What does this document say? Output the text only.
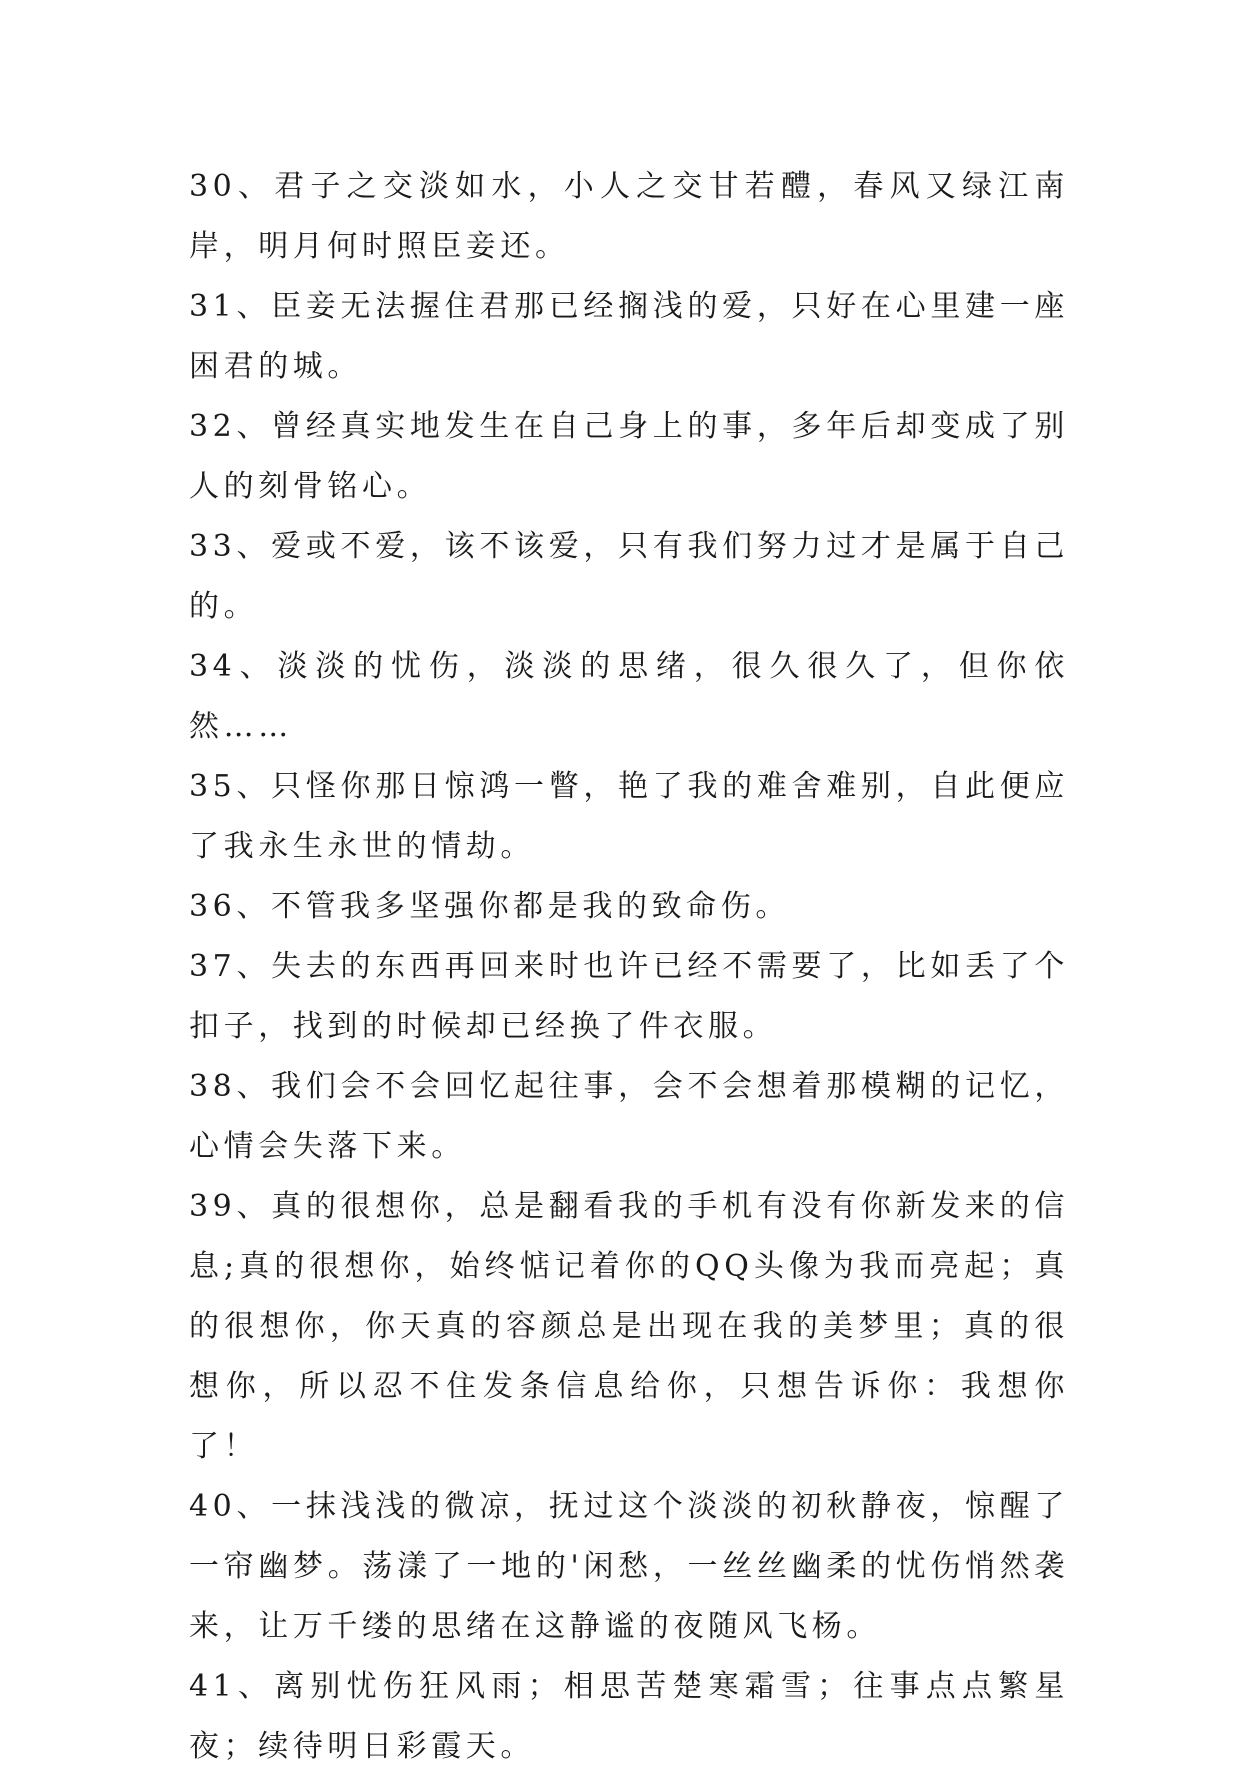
30、君子之交淡如水，小人之交甘若醴，春风又绿江南岸，明月何时照臣妾还。

31、臣妾无法握住君那已经搁浅的爱，只好在心里建一座困君的城。

32、曾经真实地发生在自己身上的事，多年后却变成了别人的刻骨铭心。

33、爱或不爱，该不该爱，只有我们努力过才是属于自己的。

34、淡淡的忧伤，淡淡的思绪，很久很久了，但你依然……

35、只怪你那日惊鸿一瞥，艳了我的难舍难别，自此便应了我永生永世的情劫。

36、不管我多坚强你都是我的致命伤。

37、失去的东西再回来时也许已经不需要了，比如丢了个扣子，找到的时候却已经换了件衣服。

38、我们会不会回忆起往事，会不会想着那模糊的记忆，心情会失落下来。

39、真的很想你，总是翻看我的手机有没有你新发来的信息;真的很想你，始终惦记着你的QQ头像为我而亮起；真的很想你，你天真的容颜总是出现在我的美梦里；真的很想你，所以忍不住发条信息给你，只想告诉你：我想你了！

40、一抹浅浅的微凉，抚过这个淡淡的初秋静夜，惊醒了一帘幽梦。荡漾了一地的'闲愁，一丝丝幽柔的忧伤悄然袭来，让万千缕的思绪在这静谧的夜随风飞杨。

41、离别忧伤狂风雨；相思苦楚寒霜雪；往事点点繁星夜；续待明日彩霞天。
